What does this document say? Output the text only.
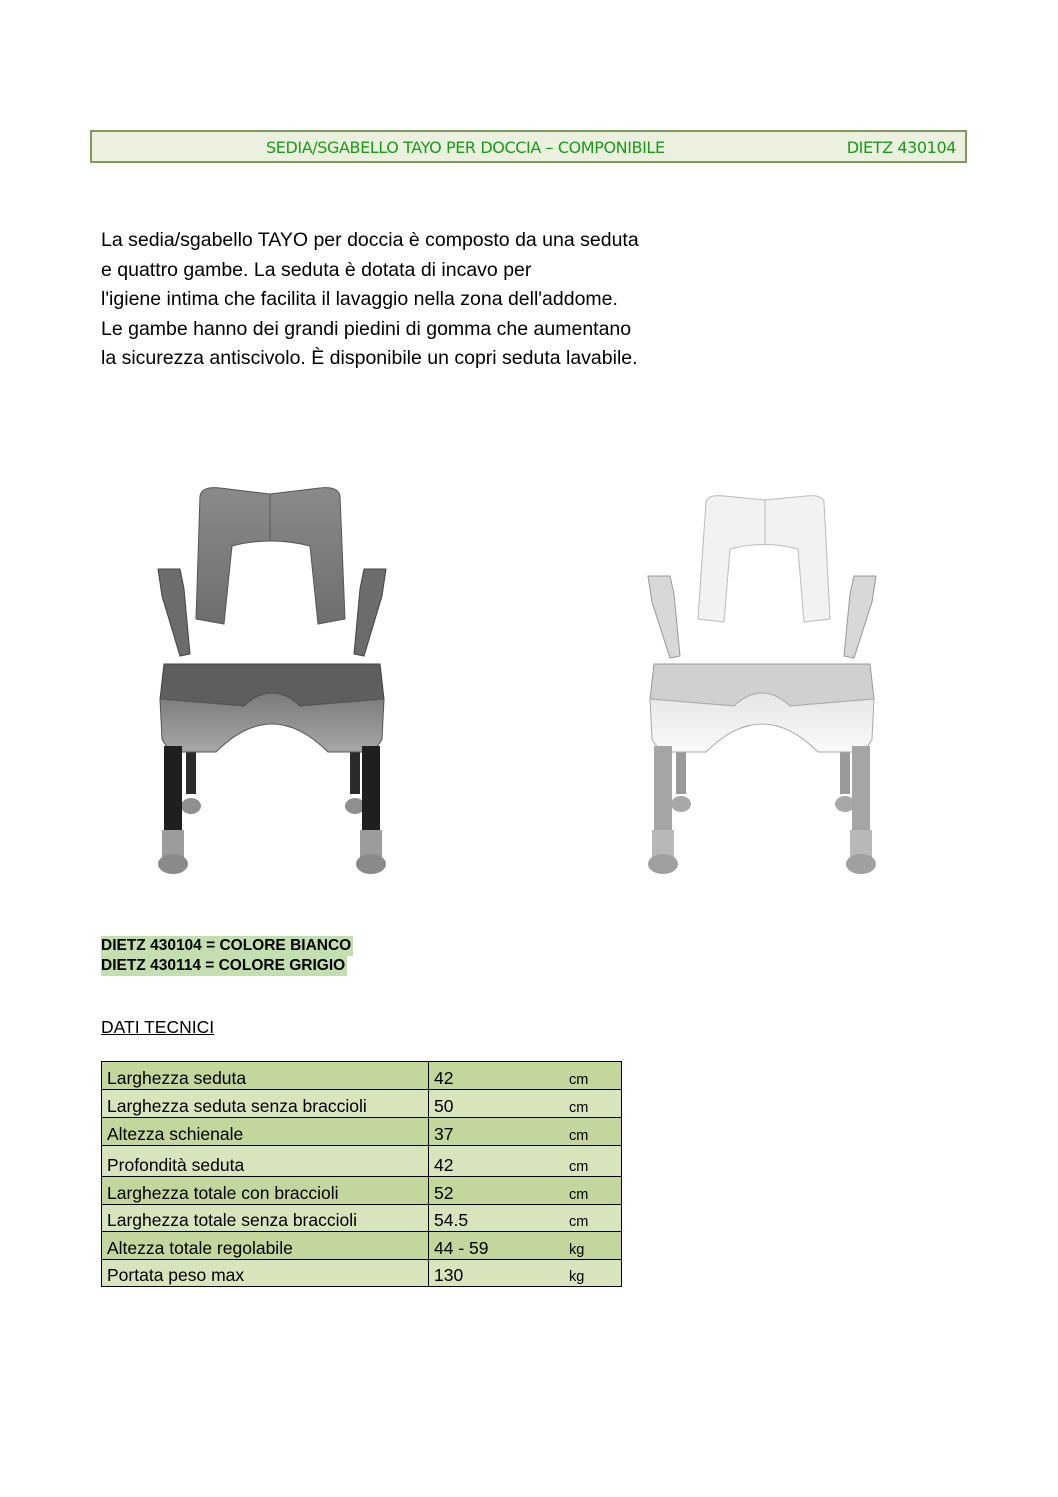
SEDIA/SGABELLO TAYO PER DOCCIA – COMPONIBILE	DIETZ 430104
La sedia/sgabello TAYO per doccia è composto da una seduta
e quattro gambe. La seduta è dotata di incavo per
l'igiene intima che facilita il lavaggio nella zona dell'addome.
Le gambe hanno dei grandi piedini di gomma che aumentano
la sicurezza antiscivolo. È disponibile un copri seduta lavabile.
DIETZ 430104 = COLORE BIANCO
DIETZ 430114 = COLORE GRIGIO
DATI TECNICI
Larghezza seduta	42	cm
Larghezza seduta senza braccioli	50	cm
Altezza schienale	37	cm
Profondità seduta	42	cm
Larghezza totale con braccioli	52	cm
Larghezza totale senza braccioli	54.5	cm
Altezza totale regolabile	44 - 59	kg
Portata peso max	130	kg
